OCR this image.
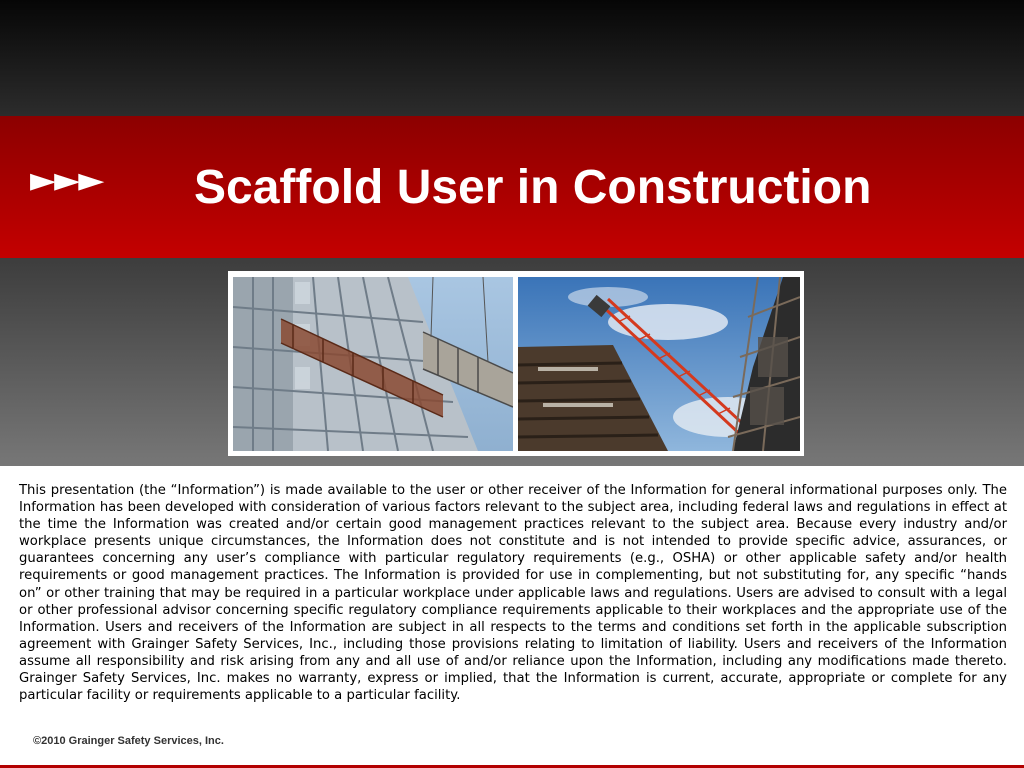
►►► Scaffold User in Construction

This presentation (the “Information”) is made available to the user or other receiver of the Information for general informational purposes only. The Information has been developed with consideration of various factors relevant to the subject area, including federal laws and regulations in effect at the time the Information was created and/or certain good management practices relevant to the subject area. Because every industry and/or workplace presents unique circumstances, the Information does not constitute and is not intended to provide specific advice, assurances, or guarantees concerning any user’s compliance with particular regulatory requirements (e.g., OSHA) or other applicable safety and/or health requirements or good management practices. The Information is provided for use in complementing, but not substituting for, any specific “hands on” or other training that may be required in a particular workplace under applicable laws and regulations. Users are advised to consult with a legal or other professional advisor concerning specific regulatory compliance requirements applicable to their workplaces and the appropriate use of the Information. Users and receivers of the Information are subject in all respects to the terms and conditions set forth in the applicable subscription agreement with Grainger Safety Services, Inc., including those provisions relating to limitation of liability. Users and receivers of the Information assume all responsibility and risk arising from any and all use of and/or reliance upon the Information, including any modifications made thereto. Grainger Safety Services, Inc. makes no warranty, express or implied, that the Information is current, accurate, appropriate or complete for any particular facility or requirements applicable to a particular facility.

©2010 Grainger Safety Services, Inc.
